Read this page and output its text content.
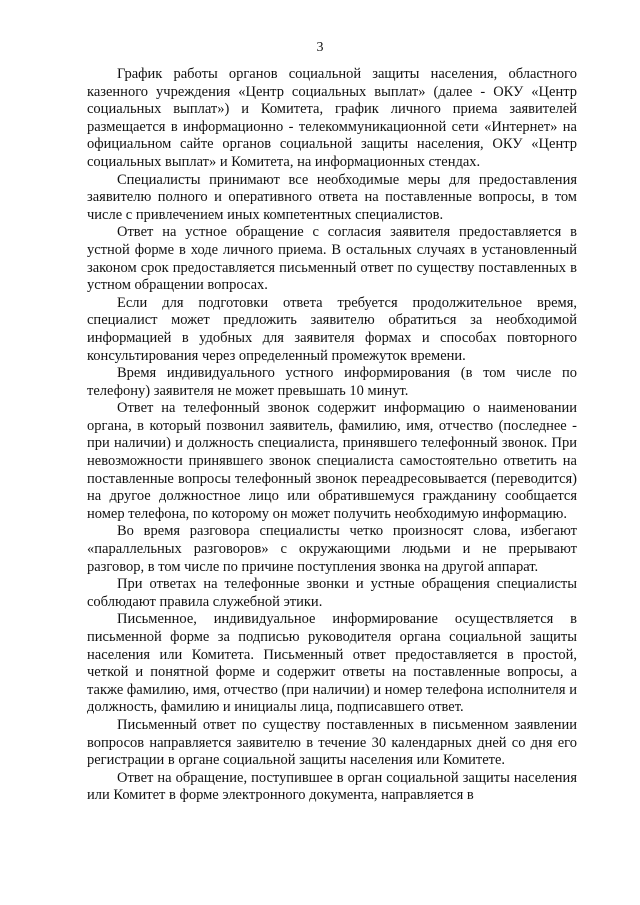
3

График работы органов социальной защиты населения, областного казенного учреждения «Центр социальных выплат» (далее - ОКУ «Центр социальных выплат») и Комитета, график личного приема заявителей размещается в информационно - телекоммуникационной сети «Интернет» на официальном сайте органов социальной защиты населения, ОКУ «Центр социальных выплат» и Комитета, на информационных стендах.

Специалисты принимают все необходимые меры для предоставления заявителю полного и оперативного ответа на поставленные вопросы, в том числе с привлечением иных компетентных специалистов.

Ответ на устное обращение с согласия заявителя предоставляется в устной форме в ходе личного приема. В остальных случаях в установленный законом срок предоставляется письменный ответ по существу поставленных в устном обращении вопросах.

Если для подготовки ответа требуется продолжительное время, специалист может предложить заявителю обратиться за необходимой информацией в удобных для заявителя формах и способах повторного консультирования через определенный промежуток времени.

Время индивидуального устного информирования (в том числе по телефону) заявителя не может превышать 10 минут.

Ответ на телефонный звонок содержит информацию о наименовании органа, в который позвонил заявитель, фамилию, имя, отчество (последнее - при наличии) и должность специалиста, принявшего телефонный звонок. При невозможности принявшего звонок специалиста самостоятельно ответить на поставленные вопросы телефонный звонок переадресовывается (переводится) на другое должностное лицо или обратившемуся гражданину сообщается номер телефона, по которому он может получить необходимую информацию.

Во время разговора специалисты четко произносят слова, избегают «параллельных разговоров» с окружающими людьми и не прерывают разговор, в том числе по причине поступления звонка на другой аппарат.

При ответах на телефонные звонки и устные обращения специалисты соблюдают правила служебной этики.

Письменное, индивидуальное информирование осуществляется в письменной форме за подписью руководителя органа социальной защиты населения или Комитета. Письменный ответ предоставляется в простой, четкой и понятной форме и содержит ответы на поставленные вопросы, а также фамилию, имя, отчество (при наличии) и номер телефона исполнителя и должность, фамилию и инициалы лица, подписавшего ответ.

Письменный ответ по существу поставленных в письменном заявлении вопросов направляется заявителю в течение 30 календарных дней со дня его регистрации в органе социальной защиты населения или Комитете.

Ответ на обращение, поступившее в орган социальной защиты населения или Комитет в форме электронного документа, направляется в
